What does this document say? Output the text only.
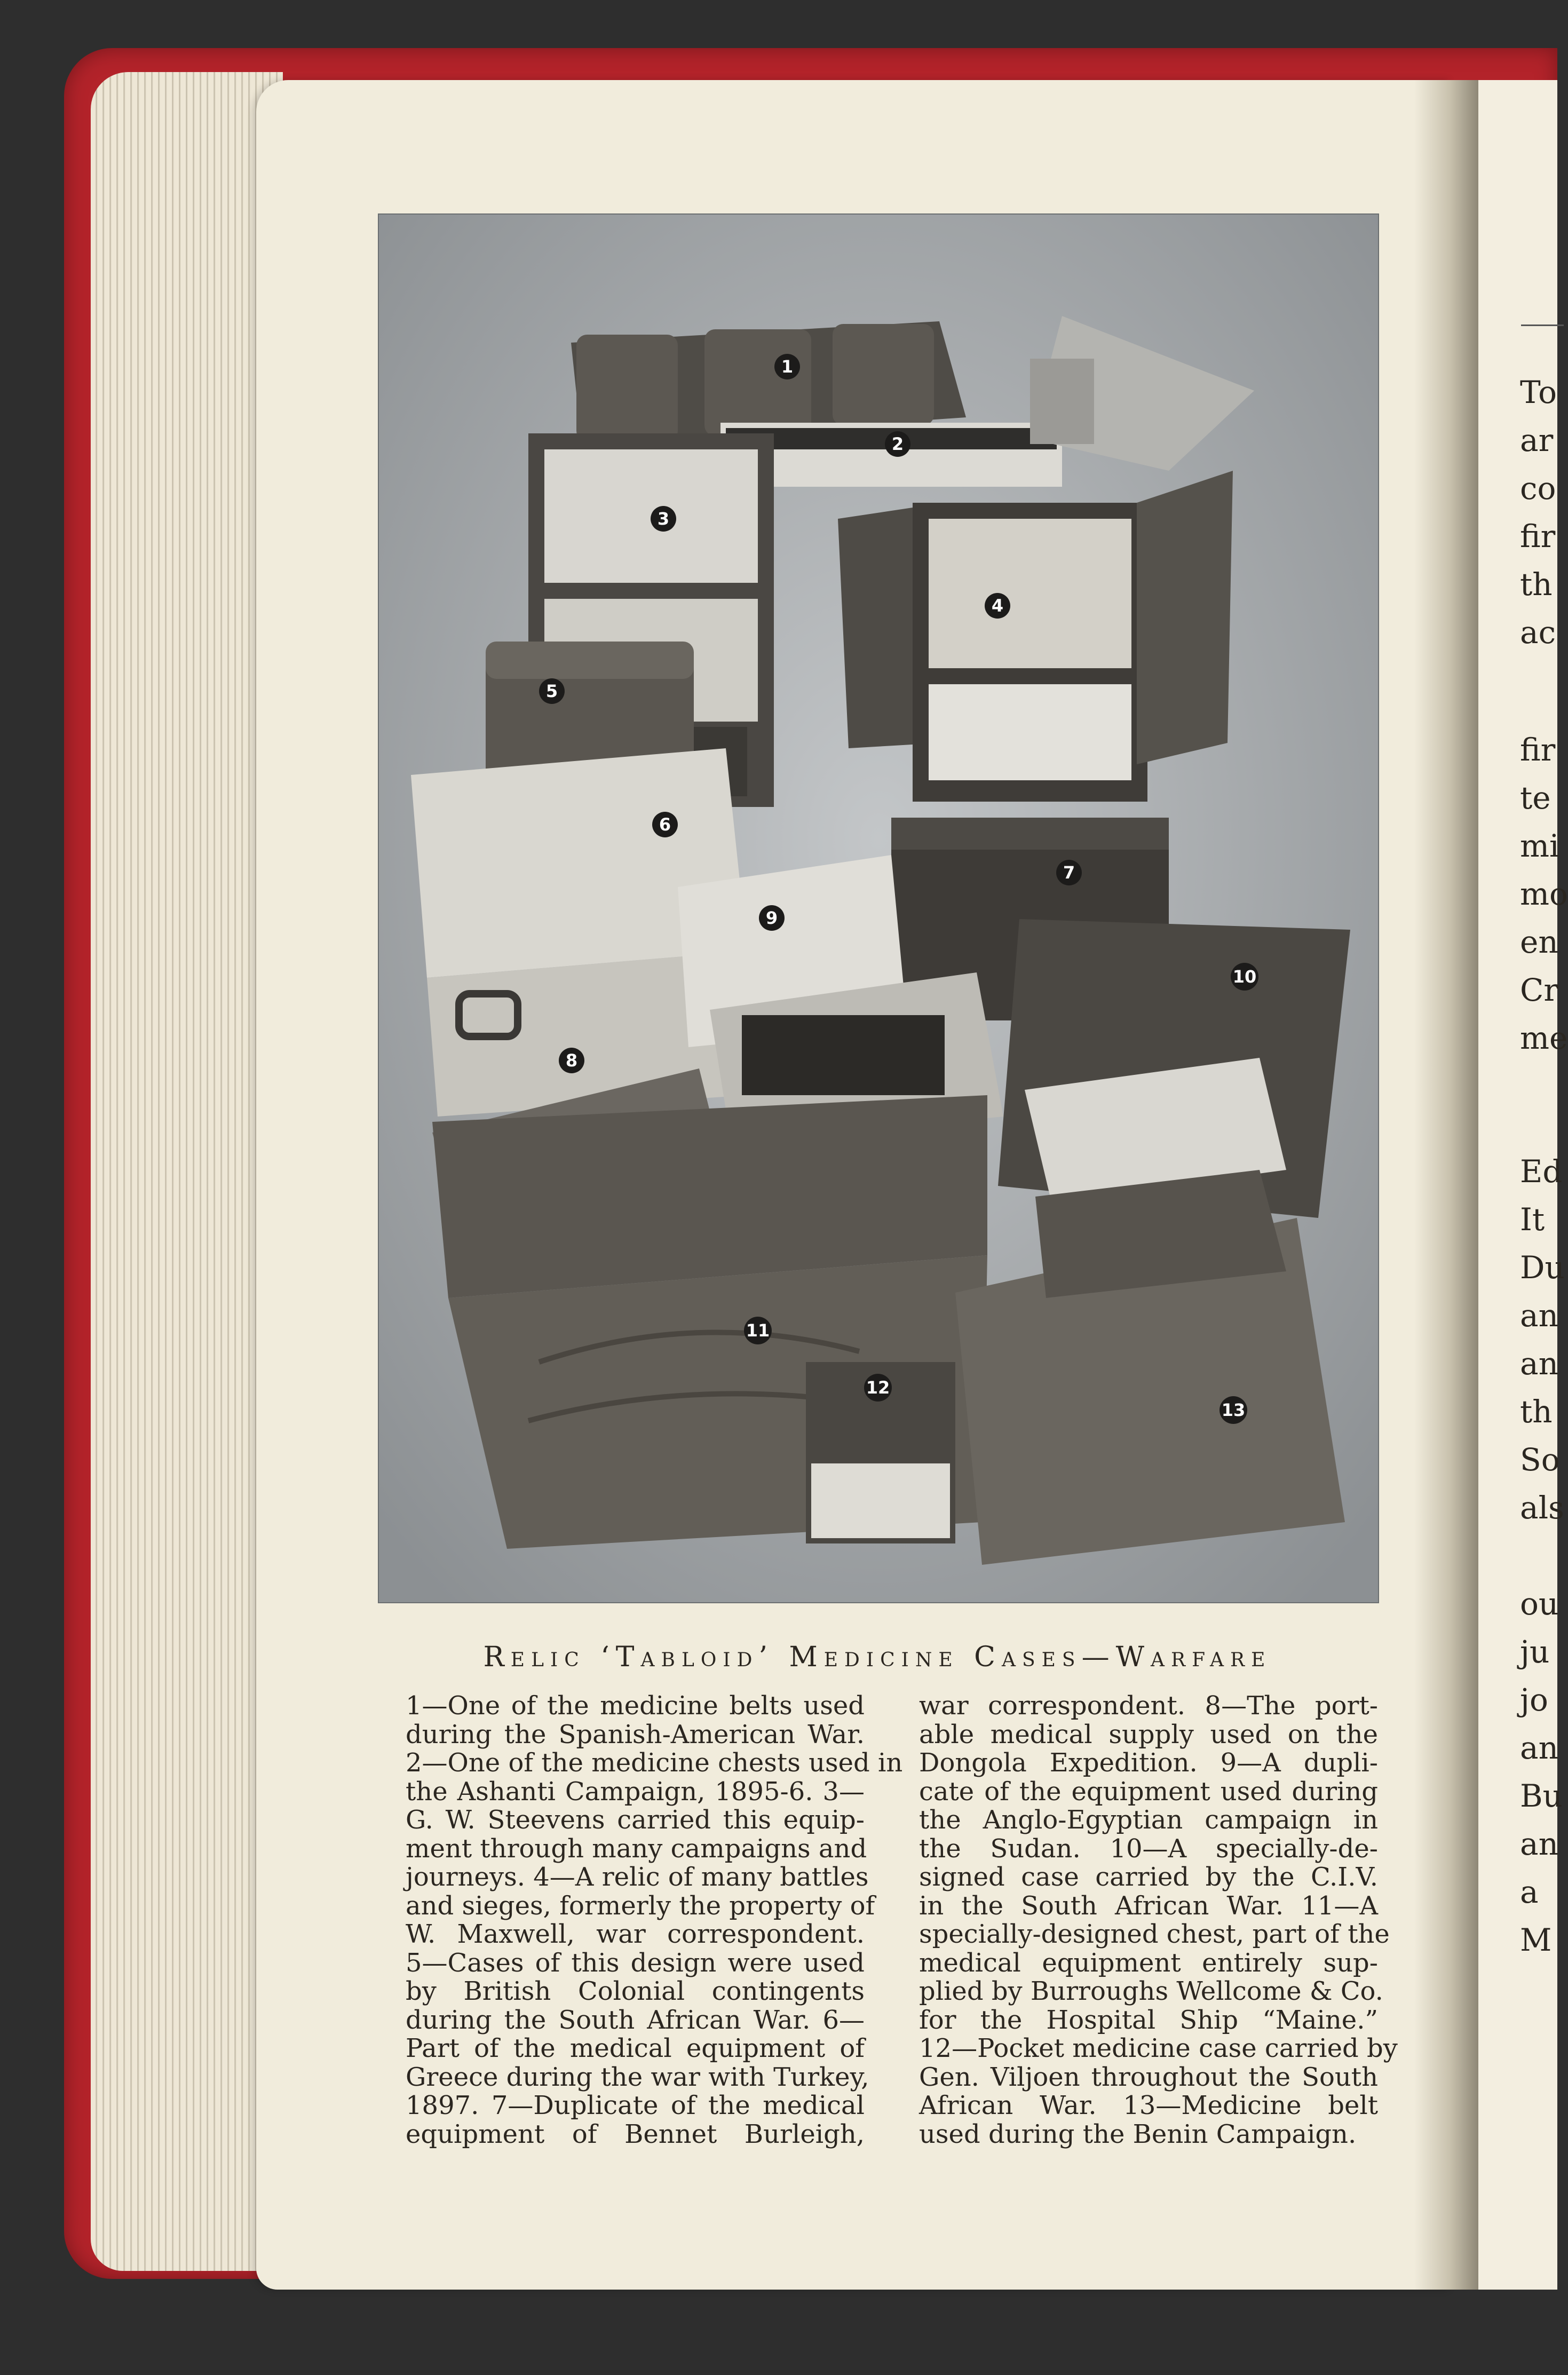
To
ar
co
fir
th
ac
fir
te
mi
mo
en
Cr
me
Ed
It
Du
an
an
th
So
als
ou
ju
jo
an
Bu
an
a
M
1
2
3
4
5
6
7
8
9
10
11
12
13
Relic ‘Tabloid’ Medicine Cases—Warfare
1—One of the medicine belts used
during the Spanish-American War.
2—One of the medicine chests used in
the Ashanti Campaign, 1895-6. 3—
G. W. Steevens carried this equip-
ment through many campaigns and
journeys. 4—A relic of many battles
and sieges, formerly the property of
W. Maxwell, war correspondent.
5—Cases of this design were used
by British Colonial contingents
during the South African War. 6—
Part of the medical equipment of
Greece during the war with Turkey,
1897. 7—Duplicate of the medical
equipment of Bennet Burleigh,
war correspondent. 8—The port-
able medical supply used on the
Dongola Expedition. 9—A dupli-
cate of the equipment used during
the Anglo-Egyptian campaign in
the Sudan. 10—A specially-de-
signed case carried by the C.I.V.
in the South African War. 11—A
specially-designed chest, part of the
medical equipment entirely sup-
plied by Burroughs Wellcome & Co.
for the Hospital Ship “Maine.”
12—Pocket medicine case carried by
Gen. Viljoen throughout the South
African War. 13—Medicine belt
used during the Benin Campaign.
